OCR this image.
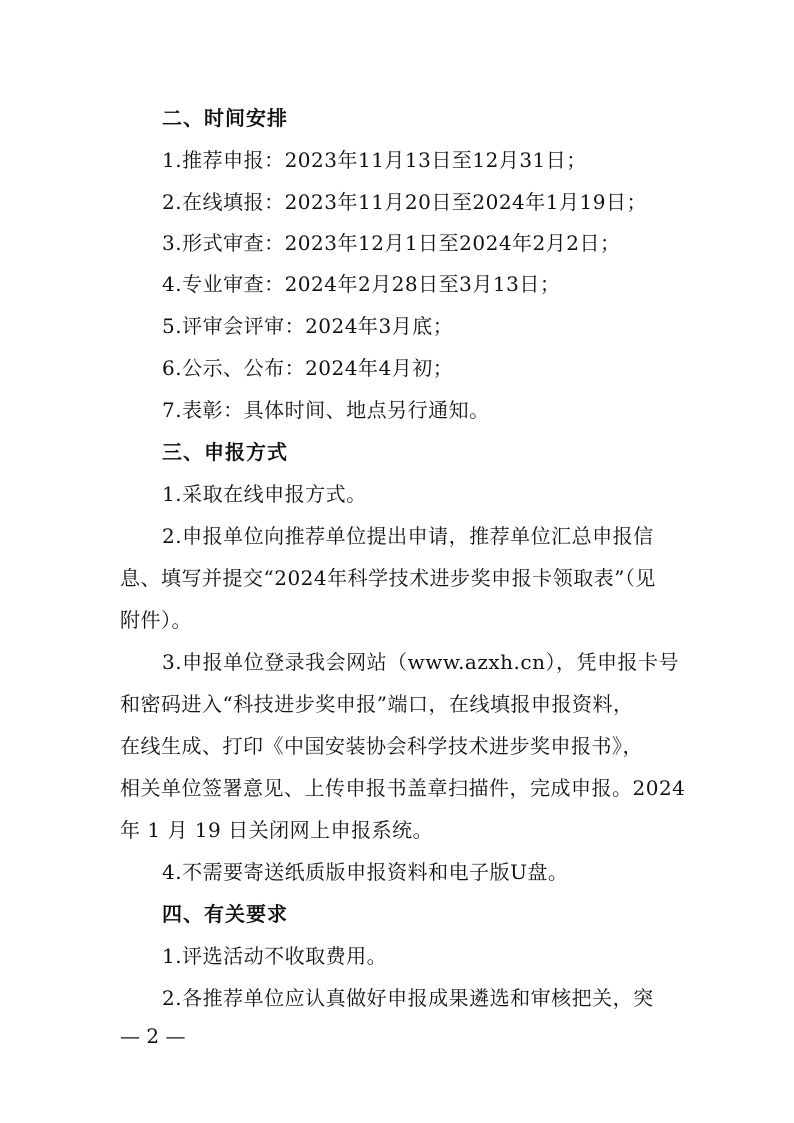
二、时间安排
1.推荐申报：2023年11月13日至12月31日；
2.在线填报：2023年11月20日至2024年1月19日；
3.形式审查：2023年12月1日至2024年2月2日；
4.专业审查：2024年2月28日至3月13日；
5.评审会评审：2024年3月底；
6.公示、公布：2024年4月初；
7.表彰：具体时间、地点另行通知。
三、申报方式
1.采取在线申报方式。
2.申报单位向推荐单位提出申请，推荐单位汇总申报信
息、填写并提交“2024年科学技术进步奖申报卡领取表”（见
附件）。
3.申报单位登录我会网站（www.azxh.cn），凭申报卡号
和密码进入“科技进步奖申报”端口，在线填报申报资料，
在线生成、打印《中国安装协会科学技术进步奖申报书》，
相关单位签署意见、上传申报书盖章扫描件，完成申报。2024
年 1 月 19 日关闭网上申报系统。
4.不需要寄送纸质版申报资料和电子版U盘。
四、有关要求
1.评选活动不收取费用。
2.各推荐单位应认真做好申报成果遴选和审核把关，突
— 2 —
